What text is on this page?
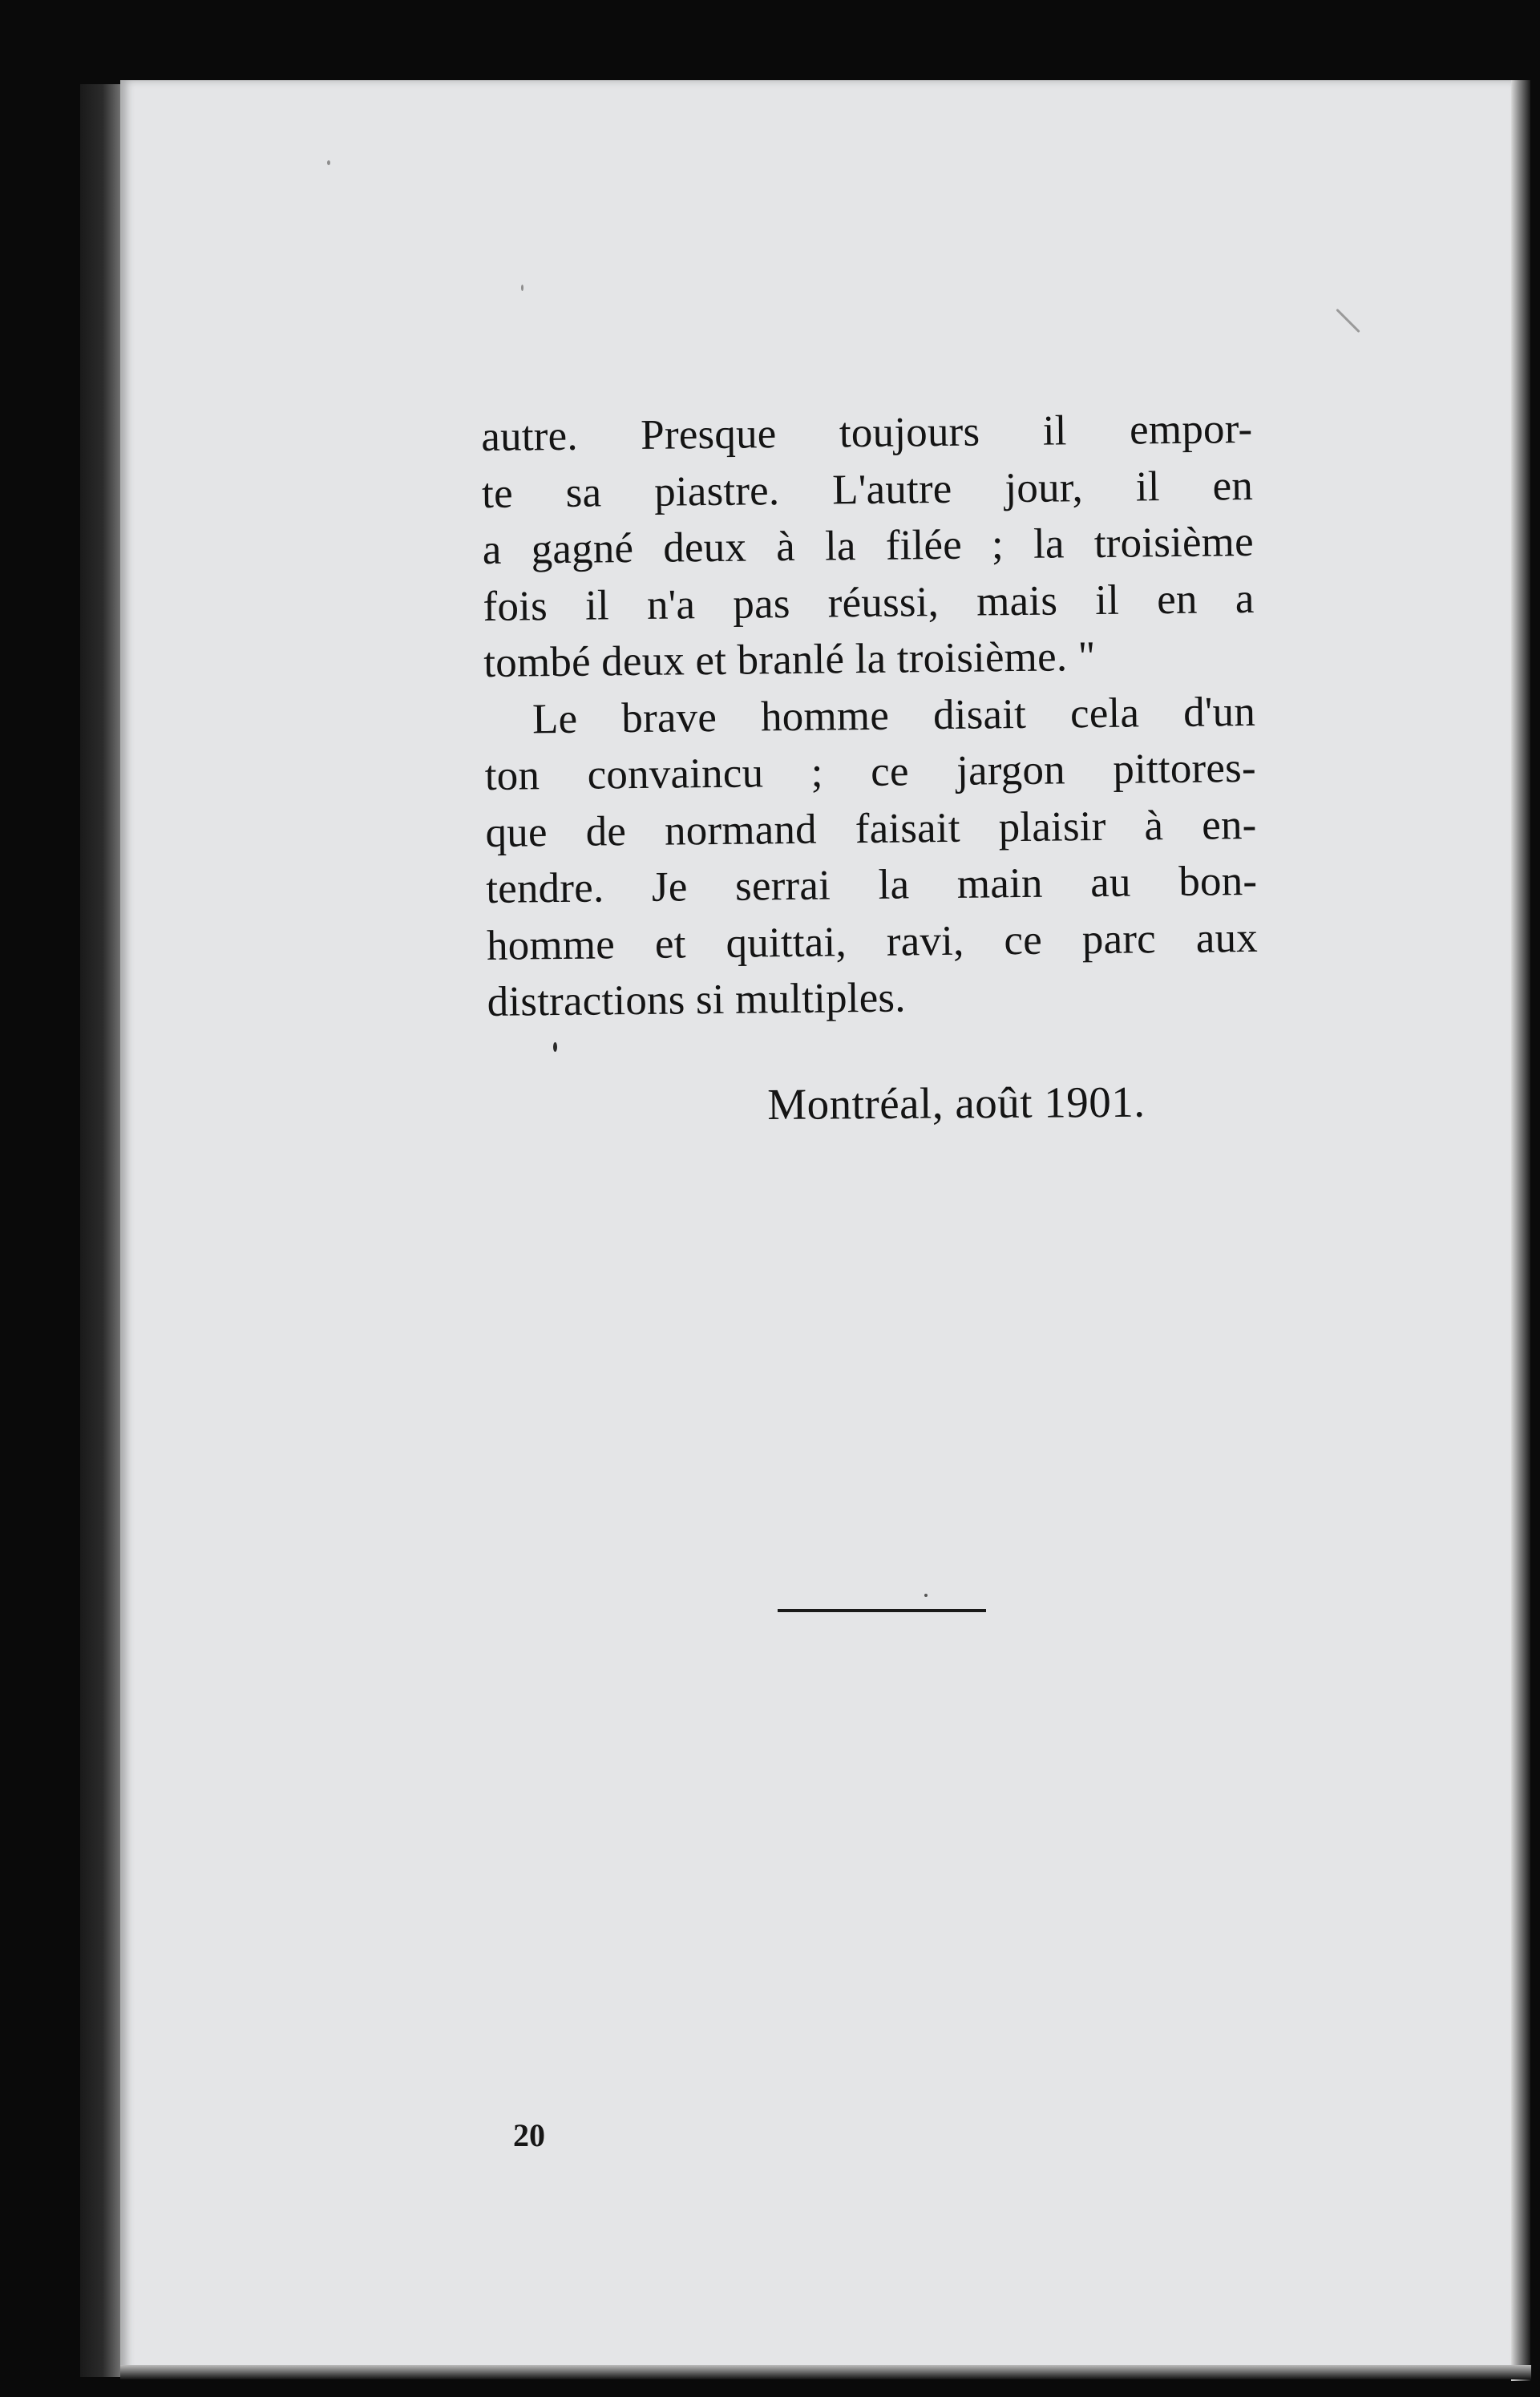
autre. Presque toujours il empor-
te sa piastre. L'autre jour, il en
a gagné deux à la filée ; la troisième
fois il n'a pas réussi, mais il en a
tombé deux et branlé la troisième. "
Le brave homme disait cela d'un
ton convaincu ; ce jargon pittores-
que de normand faisait plaisir à en-
tendre. Je serrai la main au bon-
homme et quittai, ravi, ce parc aux
distractions si multiples.
Montréal, août 1901.
20
